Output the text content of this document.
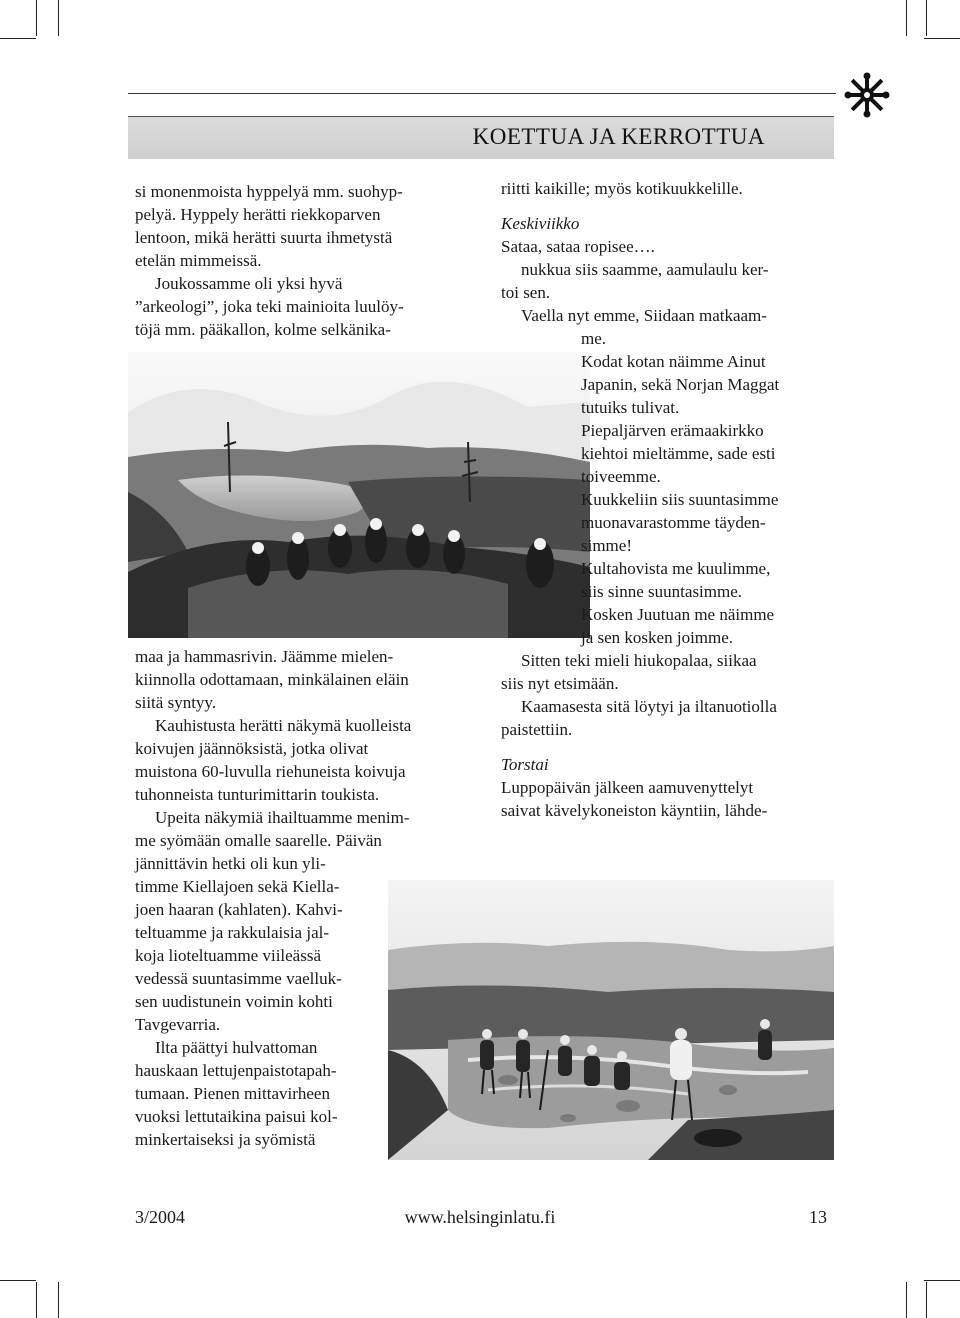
KOETTUA JA KERROTTUA

si monenmoista hyppelyä mm. suohyp-

pelyä. Hyppely herätti riekkoparven

lentoon, mikä herätti suurta ihmetystä

etelän mimmeissä.

Joukossamme oli yksi hyvä

”arkeologi”, joka teki mainioita luulöy-

töjä mm. pääkallon, kolme selkänika-

maa ja hammasrivin. Jäämme mielen-

kiinnolla odottamaan, minkälainen eläin

siitä syntyy.

Kauhistusta herätti näkymä kuolleista

koivujen jäännöksistä, jotka olivat

muistona 60-luvulla riehuneista koivuja

tuhonneista tunturimittarin toukista.

Upeita näkymiä ihailtuamme menim-

me syömään omalle saarelle. Päivän

jännittävin hetki oli kun yli-

timme Kiellajoen sekä Kiella-

joen haaran (kahlaten). Kahvi-

teltuamme ja rakkulaisia jal-

koja lioteltuamme viileässä

vedessä suuntasimme vaelluk-

sen uudistunein voimin kohti

Tavgevarria.

Ilta päättyi hulvattoman

hauskaan lettujenpaistotapah-

tumaan. Pienen mittavirheen

vuoksi lettutaikina paisui kol-

minkertaiseksi ja syömistä

riitti kaikille; myös kotikuukkelille.

Keskiviikko

Sataa, sataa ropisee….

nukkua siis saamme, aamulaulu ker-

toi sen.

Vaella nyt emme, Siidaan matkaam-

me.

Kodat kotan näimme Ainut

Japanin, sekä Norjan Maggat

tutuiks tulivat.

Piepaljärven erämaakirkko

kiehtoi mieltämme, sade esti

toiveemme.

Kuukkeliin siis suuntasimme

muonavarastomme täyden-

simme!

Kultahovista me kuulimme,

siis sinne suuntasimme.

Kosken Juutuan me näimme

ja sen kosken joimme.

Sitten teki mieli hiukopalaa, siikaa

siis nyt etsimään.

Kaamasesta sitä löytyi ja iltanuotiolla

paistettiin.

Torstai

Luppopäivän jälkeen aamuvenyttelyt

saivat kävelykoneiston käyntiin, lähde-

3/2004	www.helsinginlatu.fi	13
